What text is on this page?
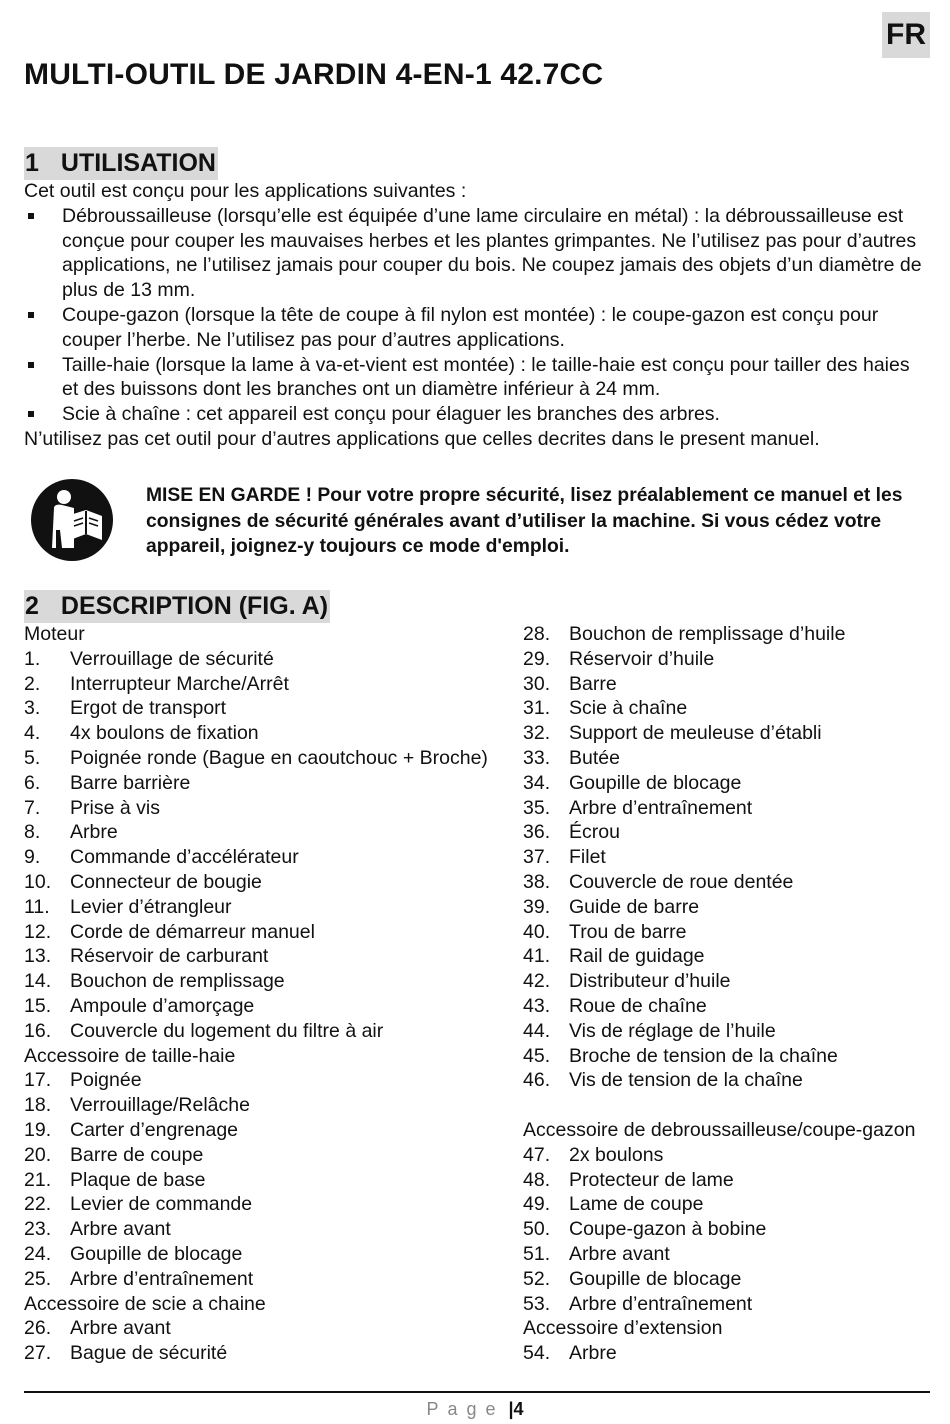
FR
MULTI-OUTIL DE JARDIN 4-EN-1 42.7CC
1 UTILISATION
Cet outil est conçu pour les applications suivantes :
Débroussailleuse (lorsqu’elle est équipée d’une lame circulaire en métal) : la débroussailleuse est conçue pour couper les mauvaises herbes et les plantes grimpantes. Ne l’utilisez pas pour d’autres applications, ne l’utilisez jamais pour couper du bois. Ne coupez jamais des objets d’un diamètre de plus de 13 mm.
Coupe-gazon (lorsque la tête de coupe à fil nylon est montée) : le coupe-gazon est conçu pour couper l’herbe. Ne l’utilisez pas pour d’autres applications.
Taille-haie (lorsque la lame à va-et-vient est montée) : le taille-haie est conçu pour tailler des haies et des buissons dont les branches ont un diamètre inférieur à 24 mm.
Scie à chaîne : cet appareil est conçu pour élaguer les branches des arbres.
N’utilisez pas cet outil pour d’autres applications que celles decrites dans le present manuel.
MISE EN GARDE ! Pour votre propre sécurité, lisez préalablement ce manuel et les consignes de sécurité générales avant d’utiliser la machine. Si vous cédez votre appareil, joignez-y toujours ce mode d'emploi.
2 DESCRIPTION (FIG. A)
Moteur
1.	Verrouillage de sécurité
2.	Interrupteur Marche/Arrêt
3.	Ergot de transport
4.	4x boulons de fixation
5.	Poignée ronde (Bague en caoutchouc + Broche)
6.	Barre barrière
7.	Prise à vis
8.	Arbre
9.	Commande d’accélérateur
10. Connecteur de bougie
11.	Levier d’étrangleur
12. Corde de démarreur manuel
13. Réservoir de carburant
14. Bouchon de remplissage
15. Ampoule d’amorçage
16. Couvercle du logement du filtre à air
Accessoire de taille-haie
17. Poignée
18. Verrouillage/Relâche
19. Carter d’engrenage
20. Barre de coupe
21. Plaque de base
22. Levier de commande
23. Arbre avant
24. Goupille de blocage
25. Arbre d’entraînement
Accessoire de scie a chaine
26. Arbre avant
27. Bague de sécurité
28. Bouchon de remplissage d’huile
29. Réservoir d’huile
30. Barre
31. Scie à chaîne
32. Support de meuleuse d’établi
33. Butée
34. Goupille de blocage
35. Arbre d’entraînement
36. Écrou
37. Filet
38. Couvercle de roue dentée
39. Guide de barre
40. Trou de barre
41. Rail de guidage
42. Distributeur d’huile
43. Roue de chaîne
44. Vis de réglage de l’huile
45. Broche de tension de la chaîne
46. Vis de tension de la chaîne
Accessoire de debroussailleuse/coupe-gazon
47. 2x boulons
48. Protecteur de lame
49. Lame de coupe
50. Coupe-gazon à bobine
51. Arbre avant
52. Goupille de blocage
53. Arbre d’entraînement
Accessoire d’extension
54. Arbre
Page |4
